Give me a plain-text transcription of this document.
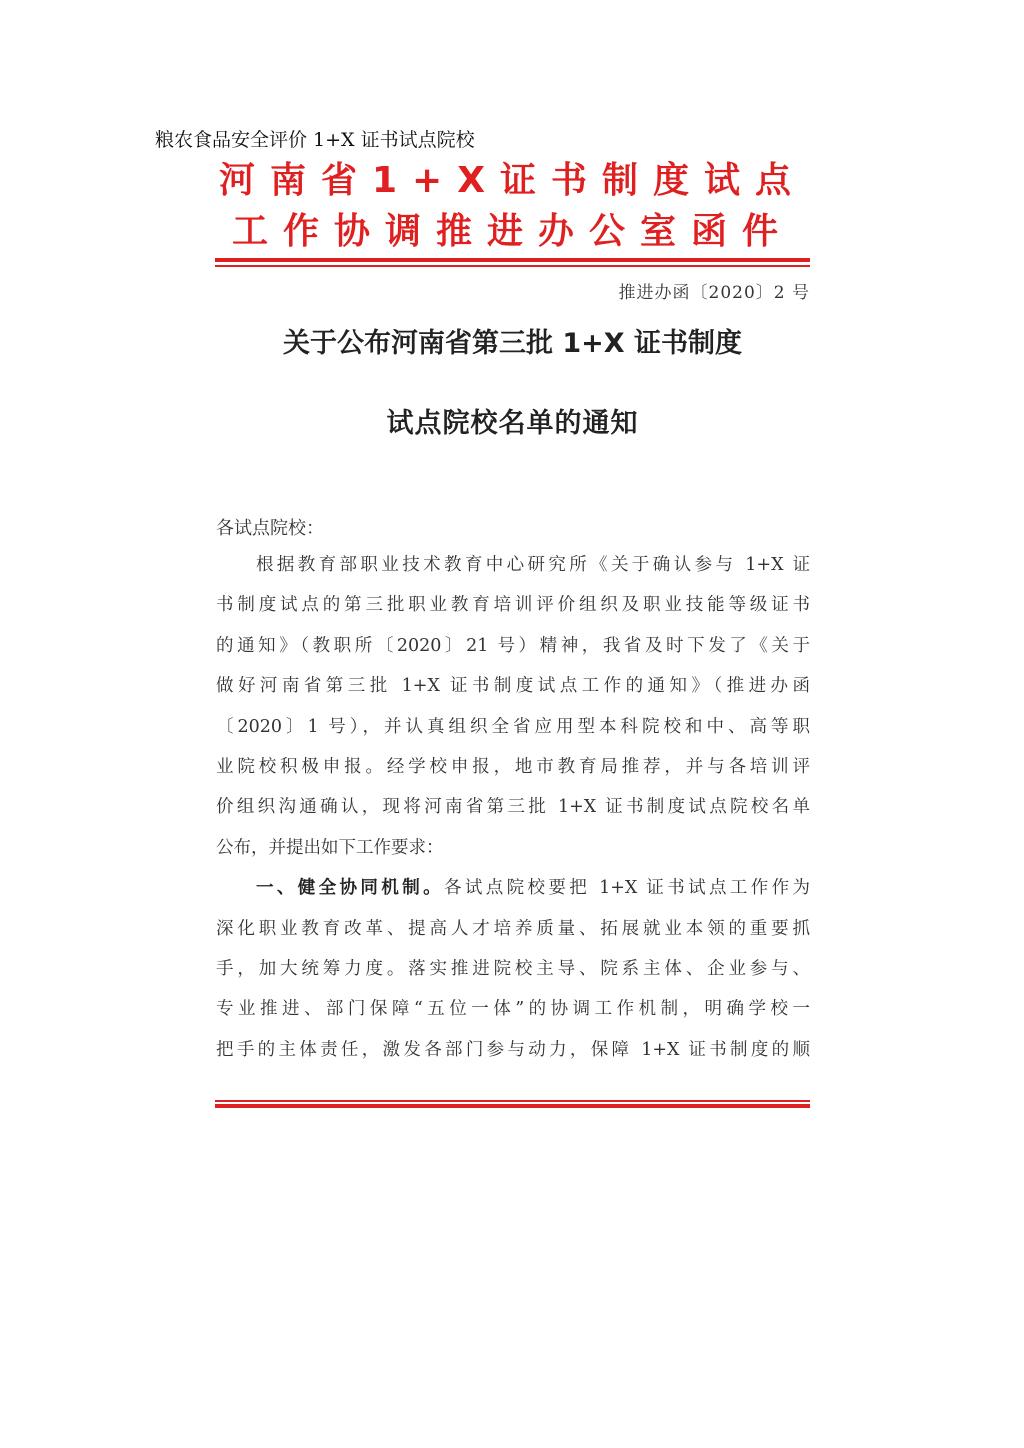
粮农食品安全评价 1+X 证书试点院校
河南省1+X证书制度试点
工作协调推进办公室函件
推进办函〔2020〕2 号
关于公布河南省第三批 1+X 证书制度
试点院校名单的通知
各试点院校：
根据教育部职业技术教育中心研究所《关于确认参与 1+X 证
书制度试点的第三批职业教育培训评价组织及职业技能等级证书
的通知》（教职所〔2020〕21 号）精神，我省及时下发了《关于
做好河南省第三批 1+X 证书制度试点工作的通知》（推进办函
〔2020〕1 号），并认真组织全省应用型本科院校和中、高等职
业院校积极申报。经学校申报，地市教育局推荐，并与各培训评
价组织沟通确认，现将河南省第三批 1+X 证书制度试点院校名单
公布，并提出如下工作要求：
一、健全协同机制。各试点院校要把 1+X 证书试点工作作为
深化职业教育改革、提高人才培养质量、拓展就业本领的重要抓
手，加大统筹力度。落实推进院校主导、院系主体、企业参与、
专业推进、部门保障“五位一体”的协调工作机制，明确学校一
把手的主体责任，激发各部门参与动力，保障 1+X 证书制度的顺
